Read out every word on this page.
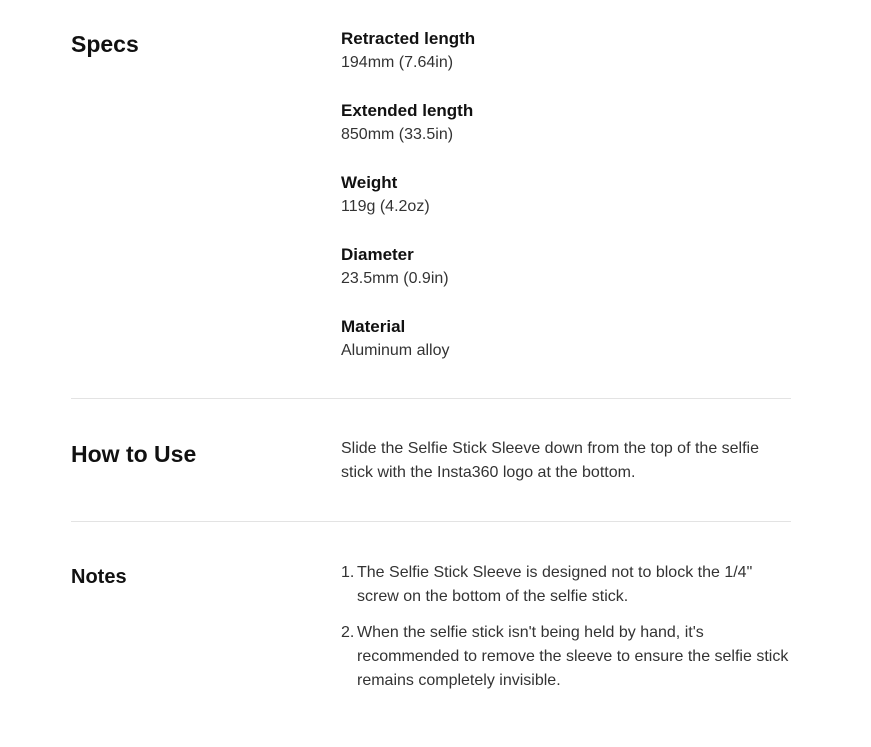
Specs	Retracted length
194mm (7.64in)
Extended length
850mm (33.5in)
Weight
119g (4.2oz)
Diameter
23.5mm (0.9in)
Material
Aluminum alloy
How to Use	Slide the Selfie Stick Sleeve down from the top of the selfie stick with the Insta360 logo at the bottom.
Notes	1. The Selfie Stick Sleeve is designed not to block the 1/4" screw on the bottom of the selfie stick.
2. When the selfie stick isn't being held by hand, it's recommended to remove the sleeve to ensure the selfie stick remains completely invisible.
